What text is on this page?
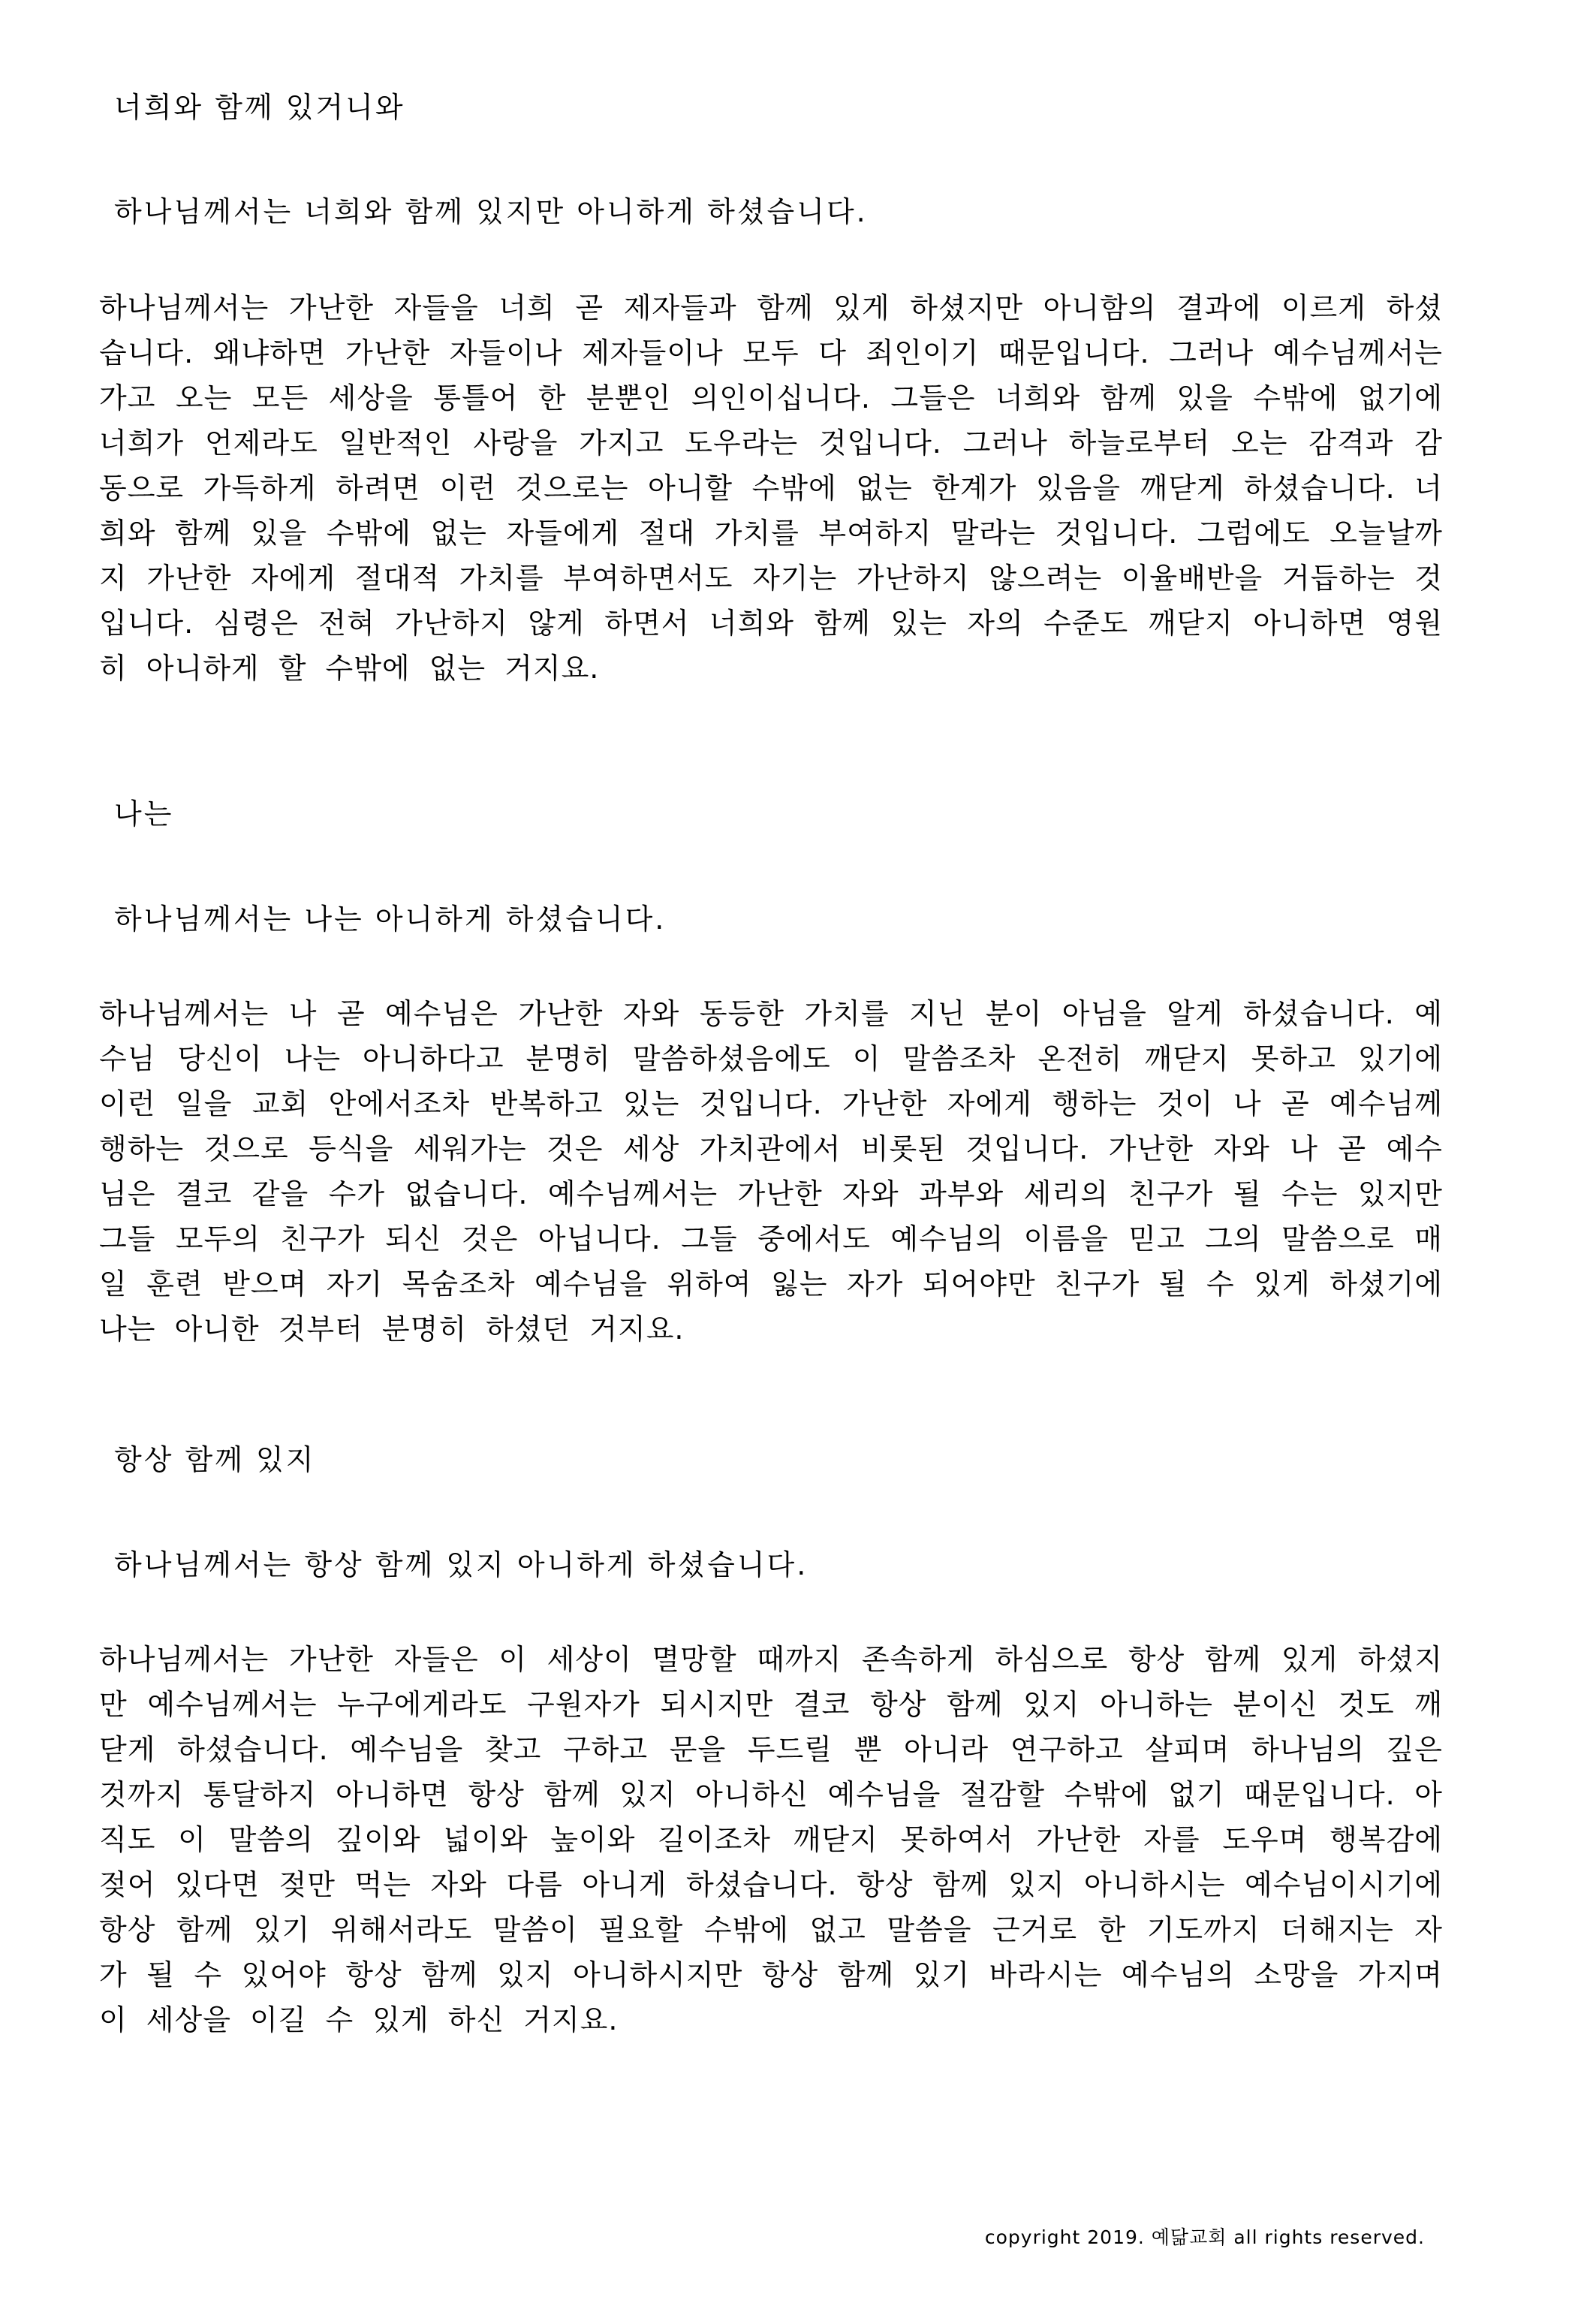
너희와 함께 있거니와
하나님께서는 너희와 함께 있지만 아니하게 하셨습니다.

하나님께서는 가난한 자들을 너희 곧 제자들과 함께 있게 하셨지만 아니함의 결과에 이르게 하셨습니다. 왜냐하면 가난한 자들이나 제자들이나 모두 다 죄인이기 때문입니다. 그러나 예수님께서는 가고 오는 모든 세상을 통틀어 한 분뿐인 의인이십니다. 그들은 너희와 함께 있을 수밖에 없기에 너희가 언제라도 일반적인 사랑을 가지고 도우라는 것입니다. 그러나 하늘로부터 오는 감격과 감동으로 가득하게 하려면 이런 것으로는 아니할 수밖에 없는 한계가 있음을 깨닫게 하셨습니다. 너희와 함께 있을 수밖에 없는 자들에게 절대 가치를 부여하지 말라는 것입니다. 그럼에도 오늘날까지 가난한 자에게 절대적 가치를 부여하면서도 자기는 가난하지 않으려는 이율배반을 거듭하는 것입니다. 심령은 전혀 가난하지 않게 하면서 너희와 함께 있는 자의 수준도 깨닫지 아니하면 영원히 아니하게 할 수밖에 없는 거지요.

나는
하나님께서는 나는 아니하게 하셨습니다.

하나님께서는 나 곧 예수님은 가난한 자와 동등한 가치를 지닌 분이 아님을 알게 하셨습니다. 예수님 당신이 나는 아니하다고 분명히 말씀하셨음에도 이 말씀조차 온전히 깨닫지 못하고 있기에 이런 일을 교회 안에서조차 반복하고 있는 것입니다. 가난한 자에게 행하는 것이 나 곧 예수님께 행하는 것으로 등식을 세워가는 것은 세상 가치관에서 비롯된 것입니다. 가난한 자와 나 곧 예수님은 결코 같을 수가 없습니다. 예수님께서는 가난한 자와 과부와 세리의 친구가 될 수는 있지만 그들 모두의 친구가 되신 것은 아닙니다. 그들 중에서도 예수님의 이름을 믿고 그의 말씀으로 매일 훈련 받으며 자기 목숨조차 예수님을 위하여 잃는 자가 되어야만 친구가 될 수 있게 하셨기에 나는 아니한 것부터 분명히 하셨던 거지요.

항상 함께 있지
하나님께서는 항상 함께 있지 아니하게 하셨습니다.

하나님께서는 가난한 자들은 이 세상이 멸망할 때까지 존속하게 하심으로 항상 함께 있게 하셨지만 예수님께서는 누구에게라도 구원자가 되시지만 결코 항상 함께 있지 아니하는 분이신 것도 깨닫게 하셨습니다. 예수님을 찾고 구하고 문을 두드릴 뿐 아니라 연구하고 살피며 하나님의 깊은 것까지 통달하지 아니하면 항상 함께 있지 아니하신 예수님을 절감할 수밖에 없기 때문입니다. 아직도 이 말씀의 깊이와 넓이와 높이와 길이조차 깨닫지 못하여서 가난한 자를 도우며 행복감에 젖어 있다면 젖만 먹는 자와 다름 아니게 하셨습니다. 항상 함께 있지 아니하시는 예수님이시기에 항상 함께 있기 위해서라도 말씀이 필요할 수밖에 없고 말씀을 근거로 한 기도까지 더해지는 자가 될 수 있어야 항상 함께 있지 아니하시지만 항상 함께 있기 바라시는 예수님의 소망을 가지며 이 세상을 이길 수 있게 하신 거지요.

copyright 2019. 예닮교회 all rights reserved.
